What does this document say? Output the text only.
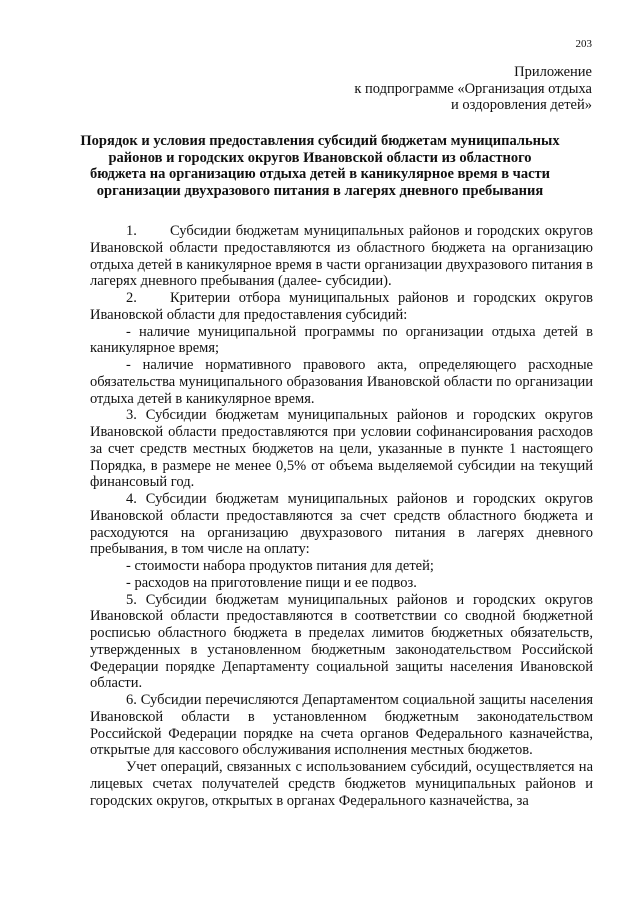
203
Приложение
к подпрограмме «Организация отдыха
и оздоровления детей»
Порядок и условия предоставления субсидий бюджетам муниципальных
районов и городских округов Ивановской области из областного
бюджета на организацию отдыха детей в каникулярное время в части
организации двухразового питания в лагерях дневного пребывания

1. Субсидии бюджетам муниципальных районов и городских округов Ивановской области предоставляются из областного бюджета на организацию отдыха детей в каникулярное время в части организации двухразового питания в лагерях дневного пребывания (далее- субсидии).

2. Критерии отбора муниципальных районов и городских округов Ивановской области для предоставления субсидий:

- наличие муниципальной программы по организации отдыха детей в каникулярное время;

- наличие нормативного правового акта, определяющего расходные обязательства муниципального образования Ивановской области по организации отдыха детей в каникулярное время.

3. Субсидии бюджетам муниципальных районов и городских округов Ивановской области предоставляются при условии софинансирования расходов за счет средств местных бюджетов на цели, указанные в пункте 1 настоящего Порядка, в размере не менее 0,5% от объема выделяемой субсидии на текущий финансовый год.

4. Субсидии бюджетам муниципальных районов и городских округов Ивановской области предоставляются за счет средств областного бюджета и расходуются на организацию двухразового питания в лагерях дневного пребывания, в том числе на оплату:

- стоимости набора продуктов питания для детей;

- расходов на приготовление пищи и ее подвоз.

5. Субсидии бюджетам муниципальных районов и городских округов Ивановской области предоставляются в соответствии со сводной бюджетной росписью областного бюджета в пределах лимитов бюджетных обязательств, утвержденных в установленном бюджетным законодательством Российской Федерации порядке Департаменту социальной защиты населения Ивановской области.

6. Субсидии перечисляются Департаментом социальной защиты населения Ивановской области в установленном бюджетным законодательством Российской Федерации порядке на счета органов Федерального казначейства, открытые для кассового обслуживания исполнения местных бюджетов.

Учет операций, связанных с использованием субсидий, осуществляется на лицевых счетах получателей средств бюджетов муниципальных районов и городских округов, открытых в органах Федерального казначейства, за
